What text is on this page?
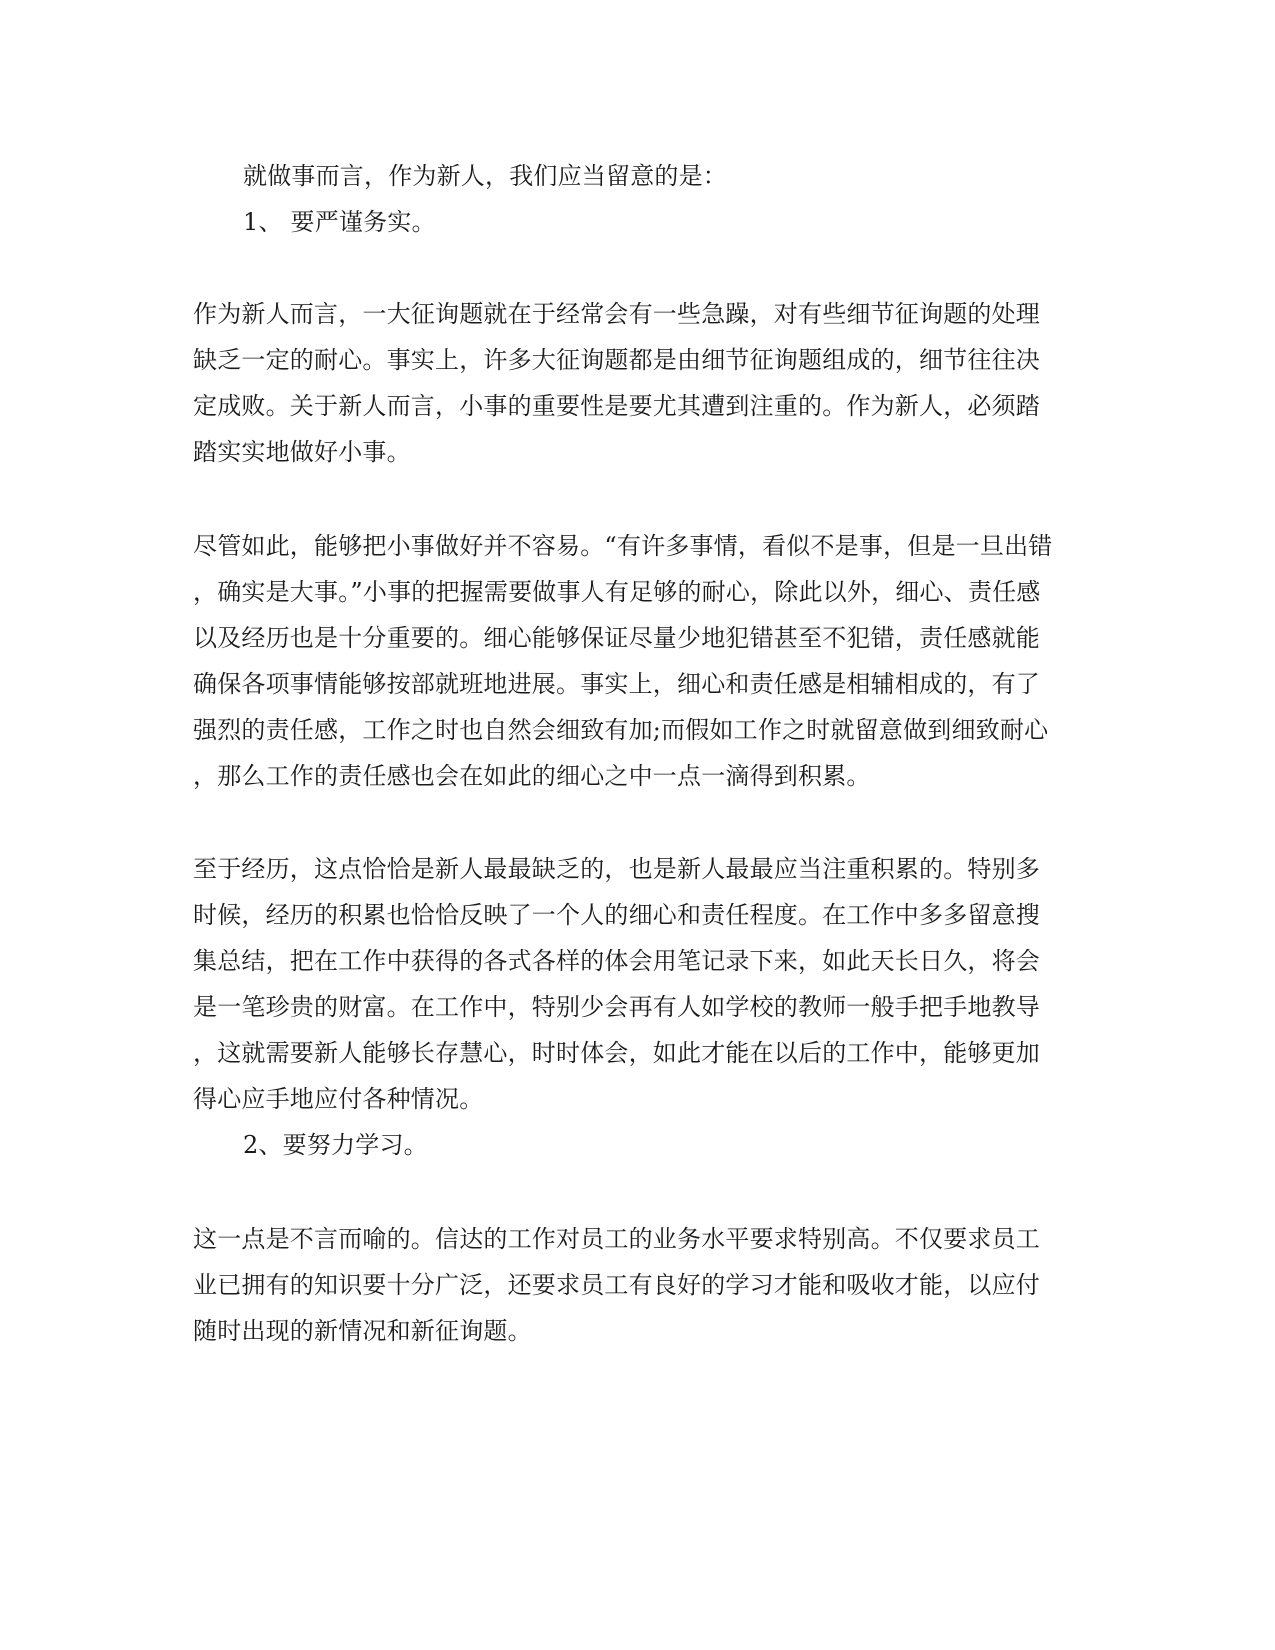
就做事而言，作为新人，我们应当留意的是：
1、 要严谨务实。
作为新人而言，一大征询题就在于经常会有一些急躁，对有些细节征询题的处理
缺乏一定的耐心。事实上，许多大征询题都是由细节征询题组成的，细节往往决
定成败。关于新人而言，小事的重要性是要尤其遭到注重的。作为新人，必须踏
踏实实地做好小事。
尽管如此，能够把小事做好并不容易。“有许多事情，看似不是事，但是一旦出错
，确实是大事。”小事的把握需要做事人有足够的耐心，除此以外，细心、责任感
以及经历也是十分重要的。细心能够保证尽量少地犯错甚至不犯错，责任感就能
确保各项事情能够按部就班地进展。事实上，细心和责任感是相辅相成的，有了
强烈的责任感，工作之时也自然会细致有加;而假如工作之时就留意做到细致耐心
，那么工作的责任感也会在如此的细心之中一点一滴得到积累。
至于经历，这点恰恰是新人最最缺乏的，也是新人最最应当注重积累的。特别多
时候，经历的积累也恰恰反映了一个人的细心和责任程度。在工作中多多留意搜
集总结，把在工作中获得的各式各样的体会用笔记录下来，如此天长日久，将会
是一笔珍贵的财富。在工作中，特别少会再有人如学校的教师一般手把手地教导
，这就需要新人能够长存慧心，时时体会，如此才能在以后的工作中，能够更加
得心应手地应付各种情况。
2、要努力学习。
这一点是不言而喻的。信达的工作对员工的业务水平要求特别高。不仅要求员工
业已拥有的知识要十分广泛，还要求员工有良好的学习才能和吸收才能，以应付
随时出现的新情况和新征询题。
